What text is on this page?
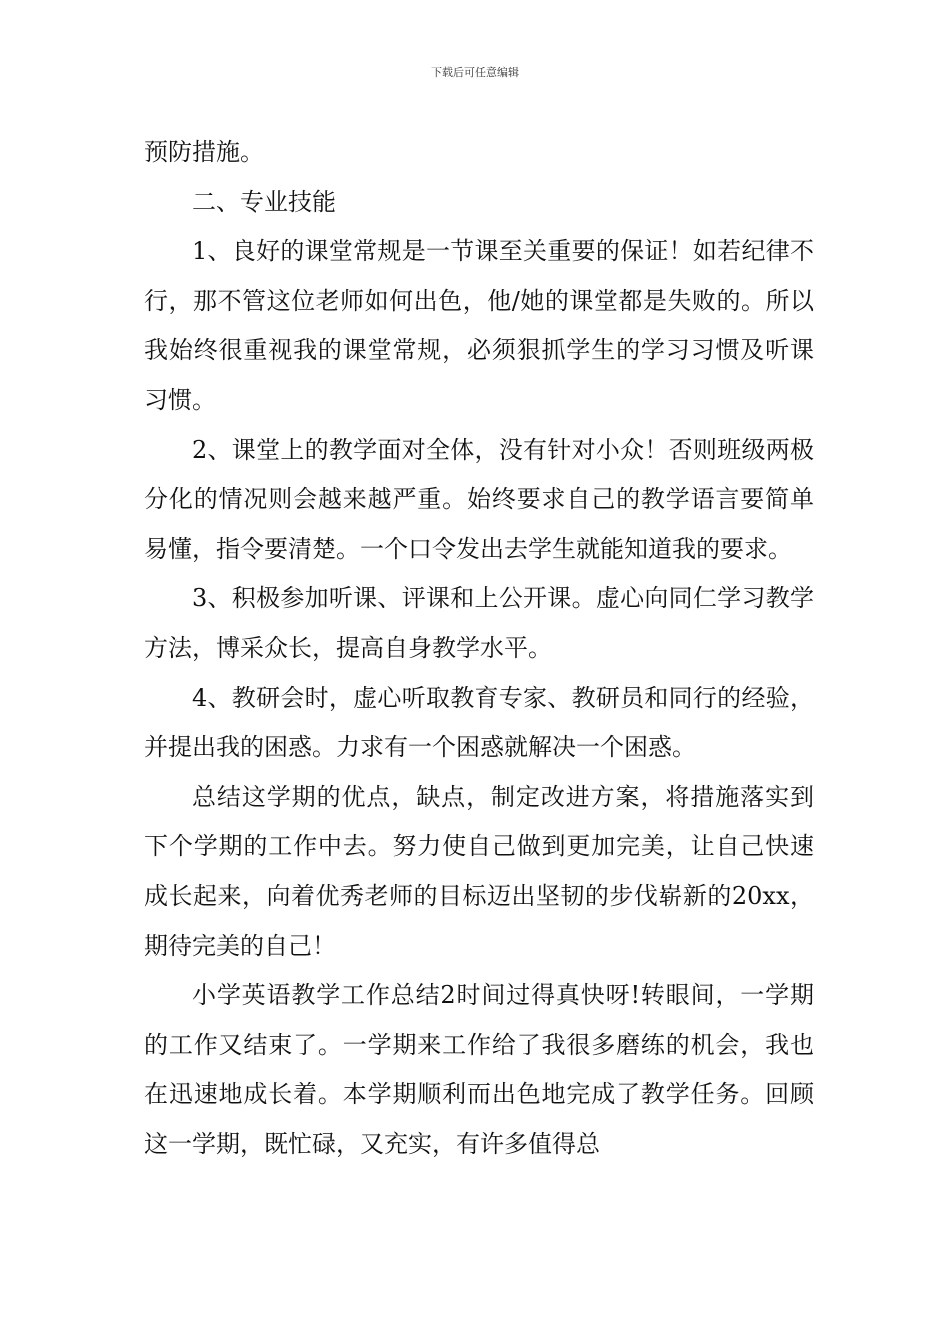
下载后可任意编辑

预防措施。

二、专业技能

1、良好的课堂常规是一节课至关重要的保证！如若纪律不行，那不管这位老师如何出色，他/她的课堂都是失败的。所以我始终很重视我的课堂常规，必须狠抓学生的学习习惯及听课习惯。

2、课堂上的教学面对全体，没有针对小众！否则班级两极分化的情况则会越来越严重。始终要求自己的教学语言要简单易懂，指令要清楚。一个口令发出去学生就能知道我的要求。

3、积极参加听课、评课和上公开课。虚心向同仁学习教学方法，博采众长，提高自身教学水平。

4、教研会时，虚心听取教育专家、教研员和同行的经验，并提出我的困惑。力求有一个困惑就解决一个困惑。

总结这学期的优点，缺点，制定改进方案，将措施落实到下个学期的工作中去。努力使自己做到更加完美，让自己快速成长起来，向着优秀老师的目标迈出坚韧的步伐崭新的20xx，期待完美的自己！

小学英语教学工作总结2时间过得真快呀!转眼间，一学期的工作又结束了。一学期来工作给了我很多磨练的机会，我也在迅速地成长着。本学期顺利而出色地完成了教学任务。回顾这一学期，既忙碌，又充实，有许多值得总
